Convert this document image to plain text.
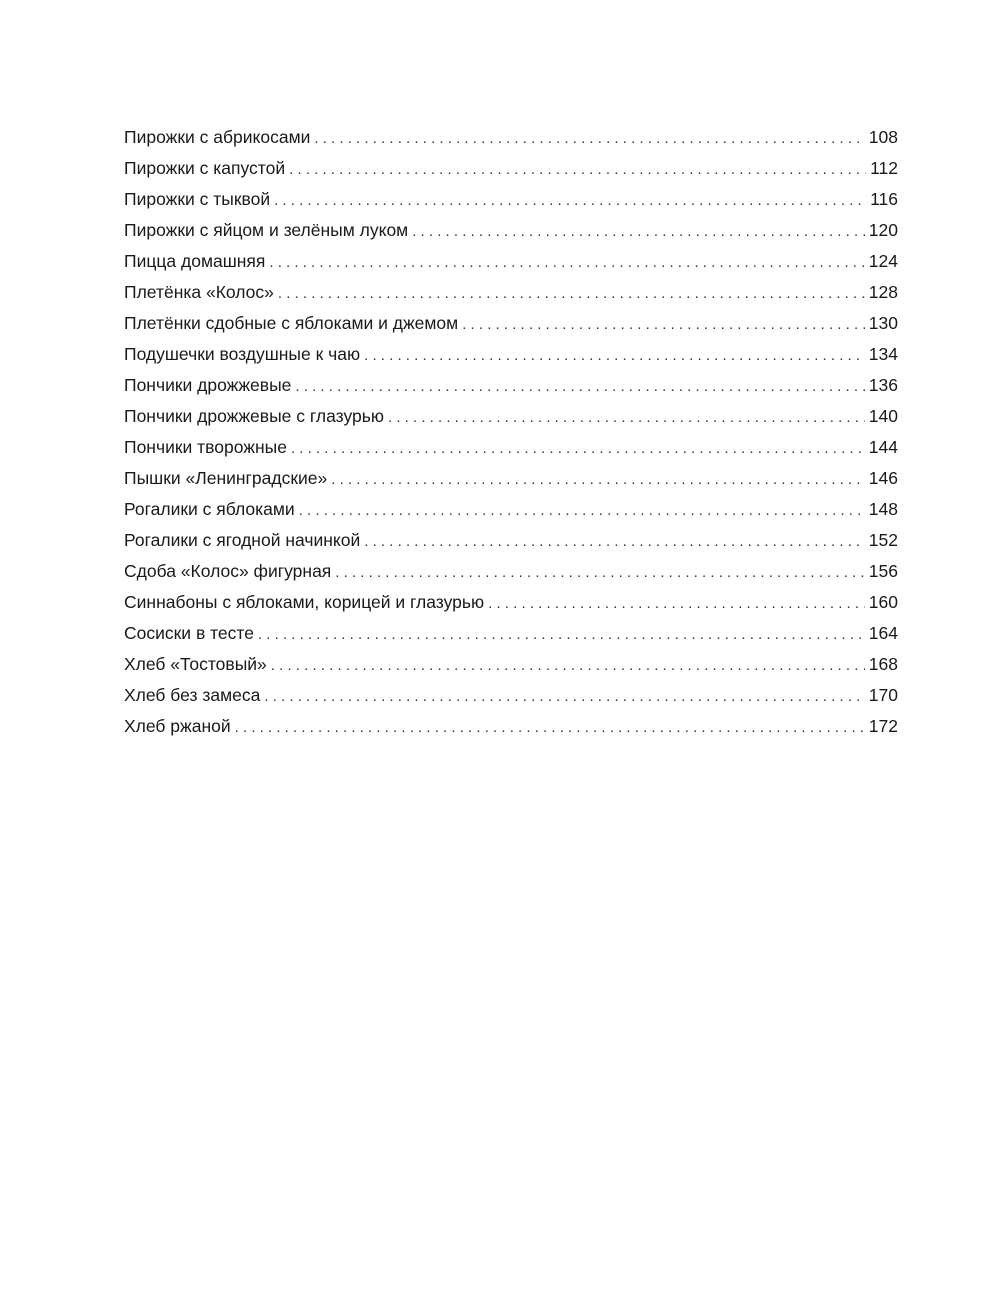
Пирожки с абрикосами . . .	108
Пирожки с капустой . . .	112
Пирожки с тыквой . . .	116
Пирожки с яйцом и зелёным луком . . .	120
Пицца домашняя . . .	124
Плетёнка «Колос» . . .	128
Плетёнки сдобные с яблоками и джемом . . .	130
Подушечки воздушные к чаю . . .	134
Пончики дрожжевые . . .	136
Пончики дрожжевые с глазурью . . .	140
Пончики творожные . . .	144
Пышки «Ленинградские» . . .	146
Рогалики с яблоками . . .	148
Рогалики с ягодной начинкой . . .	152
Сдоба «Колос» фигурная . . .	156
Синнабоны с яблоками, корицей и глазурью . . .	160
Сосиски в тесте . . .	164
Хлеб «Тостовый» . . .	168
Хлеб без замеса . . .	170
Хлеб ржаной . . .	172
